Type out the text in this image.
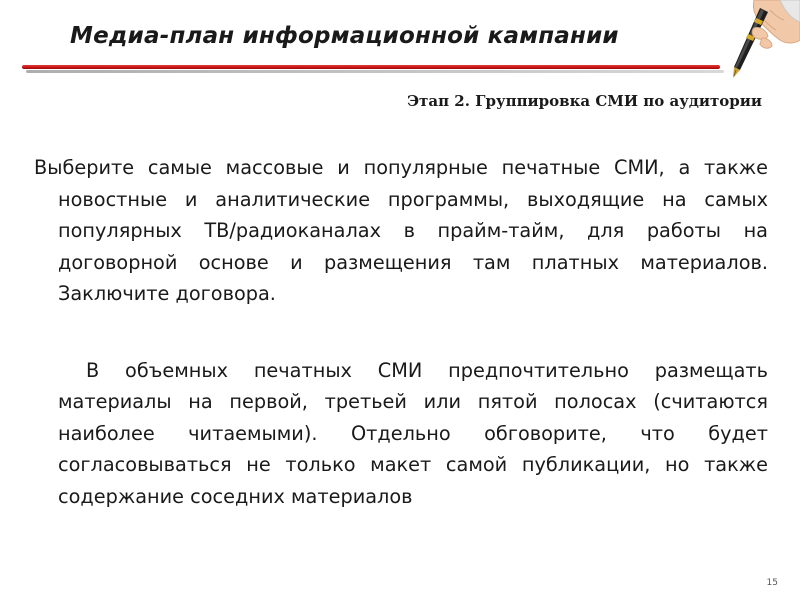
Медиа-план информационной кампании
Этап 2. Группировка СМИ по аудитории

Выберите самые массовые и популярные печатные СМИ, а также новостные и аналитические программы, выходящие на самых популярных ТВ/радиоканалах в прайм-тайм, для работы на договорной основе и размещения там платных материалов. Заключите договора.

В объемных печатных СМИ предпочтительно размещать материалы на первой, третьей или пятой полосах (считаются наиболее читаемыми). Отдельно обговорите, что будет согласовываться не только макет самой публикации, но также содержание соседних материалов

15
